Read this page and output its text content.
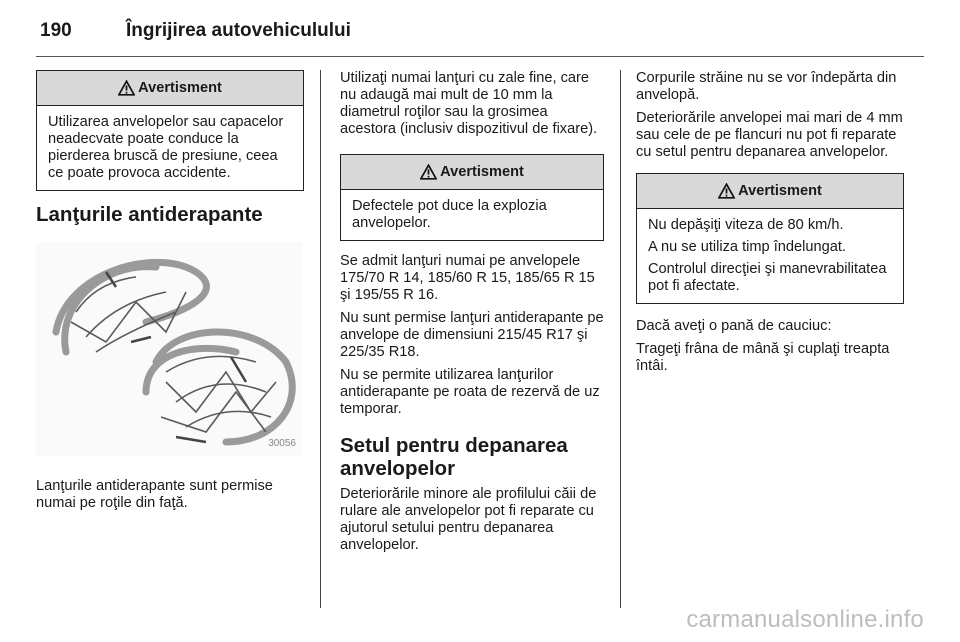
190	Îngrijirea autovehiculului
Avertisment

Utilizarea anvelopelor sau capacelor neadecvate poate conduce la pierderea bruscă de presiune, ceea ce poate provoca accidente.

Lanţurile antiderapante
30056

Lanţurile antiderapante sunt permise numai pe roţile din faţă.

Utilizaţi numai lanţuri cu zale fine, care nu adaugă mai mult de 10 mm la diametrul roţilor sau la grosimea acestora (inclusiv dispozitivul de fixare).

Avertisment

Defectele pot duce la explozia anvelopelor.

Se admit lanţuri numai pe anvelopele 175/70 R 14, 185/60 R 15, 185/65 R 15 şi 195/55 R 16.

Nu sunt permise lanţuri antiderapante pe anvelope de dimensiuni 215/45 R17 şi 225/35 R18.

Nu se permite utilizarea lanţurilor antiderapante pe roata de rezervă de uz temporar.

Setul pentru depanarea anvelopelor

Deteriorările minore ale profilului căii de rulare ale anvelopelor pot fi reparate cu ajutorul setului pentru depanarea anvelopelor.

Corpurile străine nu se vor îndepărta din anvelopă.

Deteriorările anvelopei mai mari de 4 mm sau cele de pe flancuri nu pot fi reparate cu setul pentru depanarea anvelopelor.

Avertisment

Nu depăşiţi viteza de 80 km/h.

A nu se utiliza timp îndelungat.

Controlul direcţiei şi manevrabilitatea pot fi afectate.

Dacă aveţi o pană de cauciuc:

Trageţi frâna de mână şi cuplaţi treapta întâi.

carmanualsonline.info
